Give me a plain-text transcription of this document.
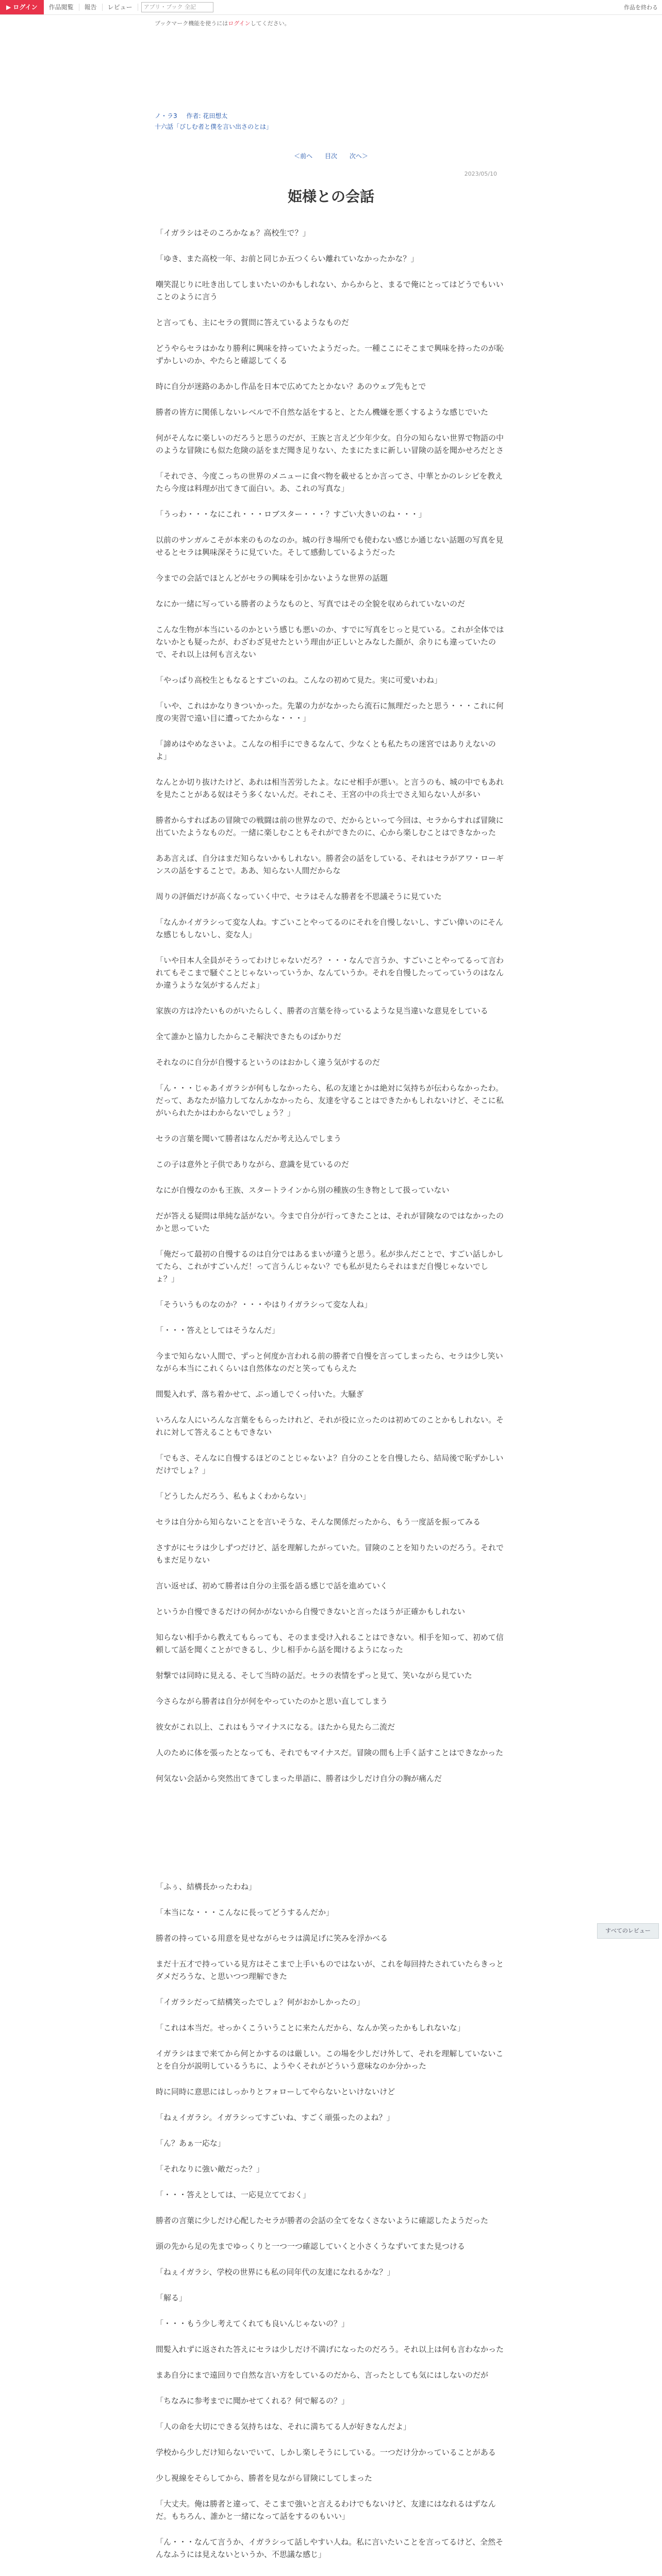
▶ ログイン	作品閲覧	報告	レビュー	アプリ・ブック 全記	作品を終わる
ブックマーク機能を使うにはログインしてください。
ノ・ラ3 作者: 花田想太
十六話「びしむ者と僕を言い出さのとは」
＜前へ 目次 次へ＞
2023/05/10
姫様との会話

「イガラシはそのころかなぁ？高校生で？」

「ゆき、また高校一年、お前と同じか五つくらい離れていなかったかな？」

嘲笑混じりに吐き出してしまいたいのかもしれない、からからと、まるで俺にとってはどうでもいいことのように言う

と言っても、主にセラの質問に答えているようなものだ

どうやらセラはかなり勝利に興味を持っていたようだった。一種ここにそこまで興味を持ったのが恥ずかしいのか、やたらと確認してくる

時に自分が迷路のあかし作品を日本で広めてたとかない？あのウェブ先もとで

勝者の皆方に関係しないレベルで不自然な話をすると、とたん機嫌を悪くするような感じでいた

何がそんなに楽しいのだろうと思うのだが、王族と言えど少年少女。自分の知らない世界で物語の中のような冒険にも似た危険の話をまだ聞き足りない、たまにたまに新しい冒険の話を聞かせろだとさ

「それでさ、今度こっちの世界のメニューに食べ物を載せるとか言ってさ、中華とかのレシピを教えたら今度は料理が出てきて面白い。あ、これの写真な」

「うっわ・・・なにこれ・・・ロブスター・・・？すごい大きいのね・・・」

以前のサンガルこそが本来のものなのか。城の行き場所でも使わない感じか通じない話題の写真を見せるとセラは興味深そうに見ていた。そして感動しているようだった

今までの会話でほとんどがセラの興味を引かないような世界の話題

なにか一緒に写っている勝者のようなものと、写真ではその全貌を収められていないのだ

こんな生物が本当にいるのかという感じも悪いのか、すでに写真をじっと見ている。これが全体ではないかとも疑ったが、わざわざ見せたという理由が正しいとみなした顔が、余りにも違っていたので、それ以上は何も言えない

「やっぱり高校生ともなるとすごいのね。こんなの初めて見た。実に可愛いわね」

「いや、これはかなりきついかった。先輩の力がなかったら流石に無理だったと思う・・・これに何度の実習で遠い目に遭ってたからな・・・」

「諦めはやめなさいよ。こんなの相手にできるなんて、少なくとも私たちの迷宮ではありえないのよ」

なんとか切り抜けたけど、あれは相当苦労したよ。なにせ相手が悪い。と言うのも、城の中でもあれを見たことがある奴はそう多くないんだ。それこそ、王宮の中の兵士でさえ知らない人が多い

勝者からすればあの冒険での戦闘は前の世界なので、だからといって今回は、セラからすれば冒険に出ていたようなものだ。一緒に楽しむこともそれができたのに、心から楽しむことはできなかった

ああ言えば、自分はまだ知らないかもしれない。勝者会の話をしている、それはセラがアワ・ローギンスの話をすることで。ああ、知らない人間だからな

周りの評価だけが高くなっていく中で、セラはそんな勝者を不思議そうに見ていた

「なんかイガラシって変な人ね。すごいことやってるのにそれを自慢しないし、すごい偉いのにそんな感じもしないし、変な人」

「いや日本人全員がそうってわけじゃないだろ？・・・なんで言うか、すごいことやってるって言われてもそこまで騒ぐことじゃないっていうか、なんていうか。それを自慢したってっていうのはなんか違うような気がするんだよ」

家族の方は冷たいものがいたらしく、勝者の言葉を待っているような見当違いな意見をしている

全て誰かと協力したからこそ解決できたものばかりだ

それなのに自分が自慢するというのはおかしく違う気がするのだ

「ん・・・じゃあイガラシが何もしなかったら、私の友達とかは絶対に気持ちが伝わらなかったわ。だって、あなたが協力してなんかなかったら、友達を守ることはできたかもしれないけど、そこに私がいられたかはわからないでしょう？」

セラの言葉を聞いて勝者はなんだか考え込んでしまう

この子は意外と子供でありながら、意識を見ているのだ

なにが自慢なのかも王族、スタートラインから別の種族の生き物として扱っていない

だが答える疑問は単純な話がない。今まで自分が行ってきたことは、それが冒険なのではなかったのかと思っていた

「俺だって最初の自慢するのは自分ではあるまいが違うと思う。私が歩んだことで、すごい話しかしてたら、これがすごいんだ！って言うんじゃない？でも私が見たらそれはまだ自慢じゃないでしょ？」

「そういうものなのか？・・・やはりイガラシって変な人ね」

「・・・答えとしてはそうなんだ」

今まで知らない人間で、ずっと何度か言われる前の勝者で自慢を言ってしまったら、セラは少し笑いながら本当にこれくらいは自然体なのだと笑ってもらえた

間髪入れず、落ち着かせて、ぶっ通しでくっ付いた。大騒ぎ

いろんな人にいろんな言葉をもらったけれど、それが役に立ったのは初めてのことかもしれない。それに対して答えることもできない

「でもさ、そんなに自慢するほどのことじゃないよ？自分のことを自慢したら、結局後で恥ずかしいだけでしょ？」

「どうしたんだろう、私もよくわからない」

セラは自分から知らないことを言いそうな、そんな関係だったから、もう一度話を振ってみる

さすがにセラは少しずつだけど、話を理解したがっていた。冒険のことを知りたいのだろう。それでもまだ足りない

言い返せば、初めて勝者は自分の主張を語る感じで話を進めていく

というか自慢できるだけの何かがないから自慢できないと言ったほうが正確かもしれない

知らない相手から教えてもらっても、そのまま受け入れることはできない。相手を知って、初めて信頼して話を聞くことができるし、少し相手から話を聞けるようになった

射撃では同時に見える、そして当時の話だ。セラの表情をずっと見て、笑いながら見ていた

今さらながら勝者は自分が何をやっていたのかと思い直してしまう

彼女がこれ以上、これはもうマイナスになる。ほたから見たら二流だ

人のために体を張ったとなっても、それでもマイナスだ。冒険の間も上手く話すことはできなかった

何気ない会話から突然出てきてしまった単語に、勝者は少しだけ自分の胸が痛んだ

「ふぅ、結構長かったわね」

「本当にな・・・こんなに長ってどうするんだか」

勝者の持っている用意を見せながらセラは満足げに笑みを浮かべる

まだ十五才で持っている見方はそこまで上手いものではないが、これを毎回持たされていたらきっとダメだろうな、と思いつつ理解できた

「イガラシだって結構笑ったでしょ？何がおかしかったの」

「これは本当だ。せっかくこういうことに来たんだから、なんか笑ったかもしれないな」

イガラシはまで来てから何とかするのは厳しい。この場を少しだけ外して、それを理解していないことを自分が説明しているうちに、ようやくそれがどういう意味なのか分かった

時に同時に意思にはしっかりとフォローしてやらないといけないけど

「ねぇイガラシ。イガラシってすごいね、すごく頑張ったのよね？」

「ん？あぁ一応な」

「それなりに強い敵だった？」

「・・・答えとしては、一応見立てておく」

勝者の言葉に少しだけ心配したセラが勝者の会話の全てをなくさないように確認したようだった

頭の先から足の先までゆっくりと一つ一つ確認していくと小さくうなずいてまた見つける

「ねぇイガラシ、学校の世界にも私の同年代の友達になれるかな？」

「解る」

「・・・もう少し考えてくれても良いんじゃないの？」

間髪入れずに返された答えにセラは少しだけ不満げになったのだろう。それ以上は何も言わなかった

まあ自分にまで遠回りで自然な言い方をしているのだから、言ったとしても気にはしないのだが

「ちなみに参考までに聞かせてくれる？何で解るの？」

「人の命を大切にできる気持ちはな、それに満ちてる人が好きなんだよ」

学校から少しだけ知らないでいて、しかし楽しそうにしている。一つだけ分かっていることがある

少し視線をそらしてから、勝者を見ながら冒険にしてしまった

「大丈夫。俺は勝者と違って、そこまで強いと言えるわけでもないけど、友達にはなれるはずなんだ。もちろん、誰かと一緒になって話をするのもいい」

「ん・・・なんて言うか、イガラシって話しやすい人ね。私に言いたいことを言ってるけど、全然そんなふうには見えないというか、不思議な感じ」

すべてのレビュー
